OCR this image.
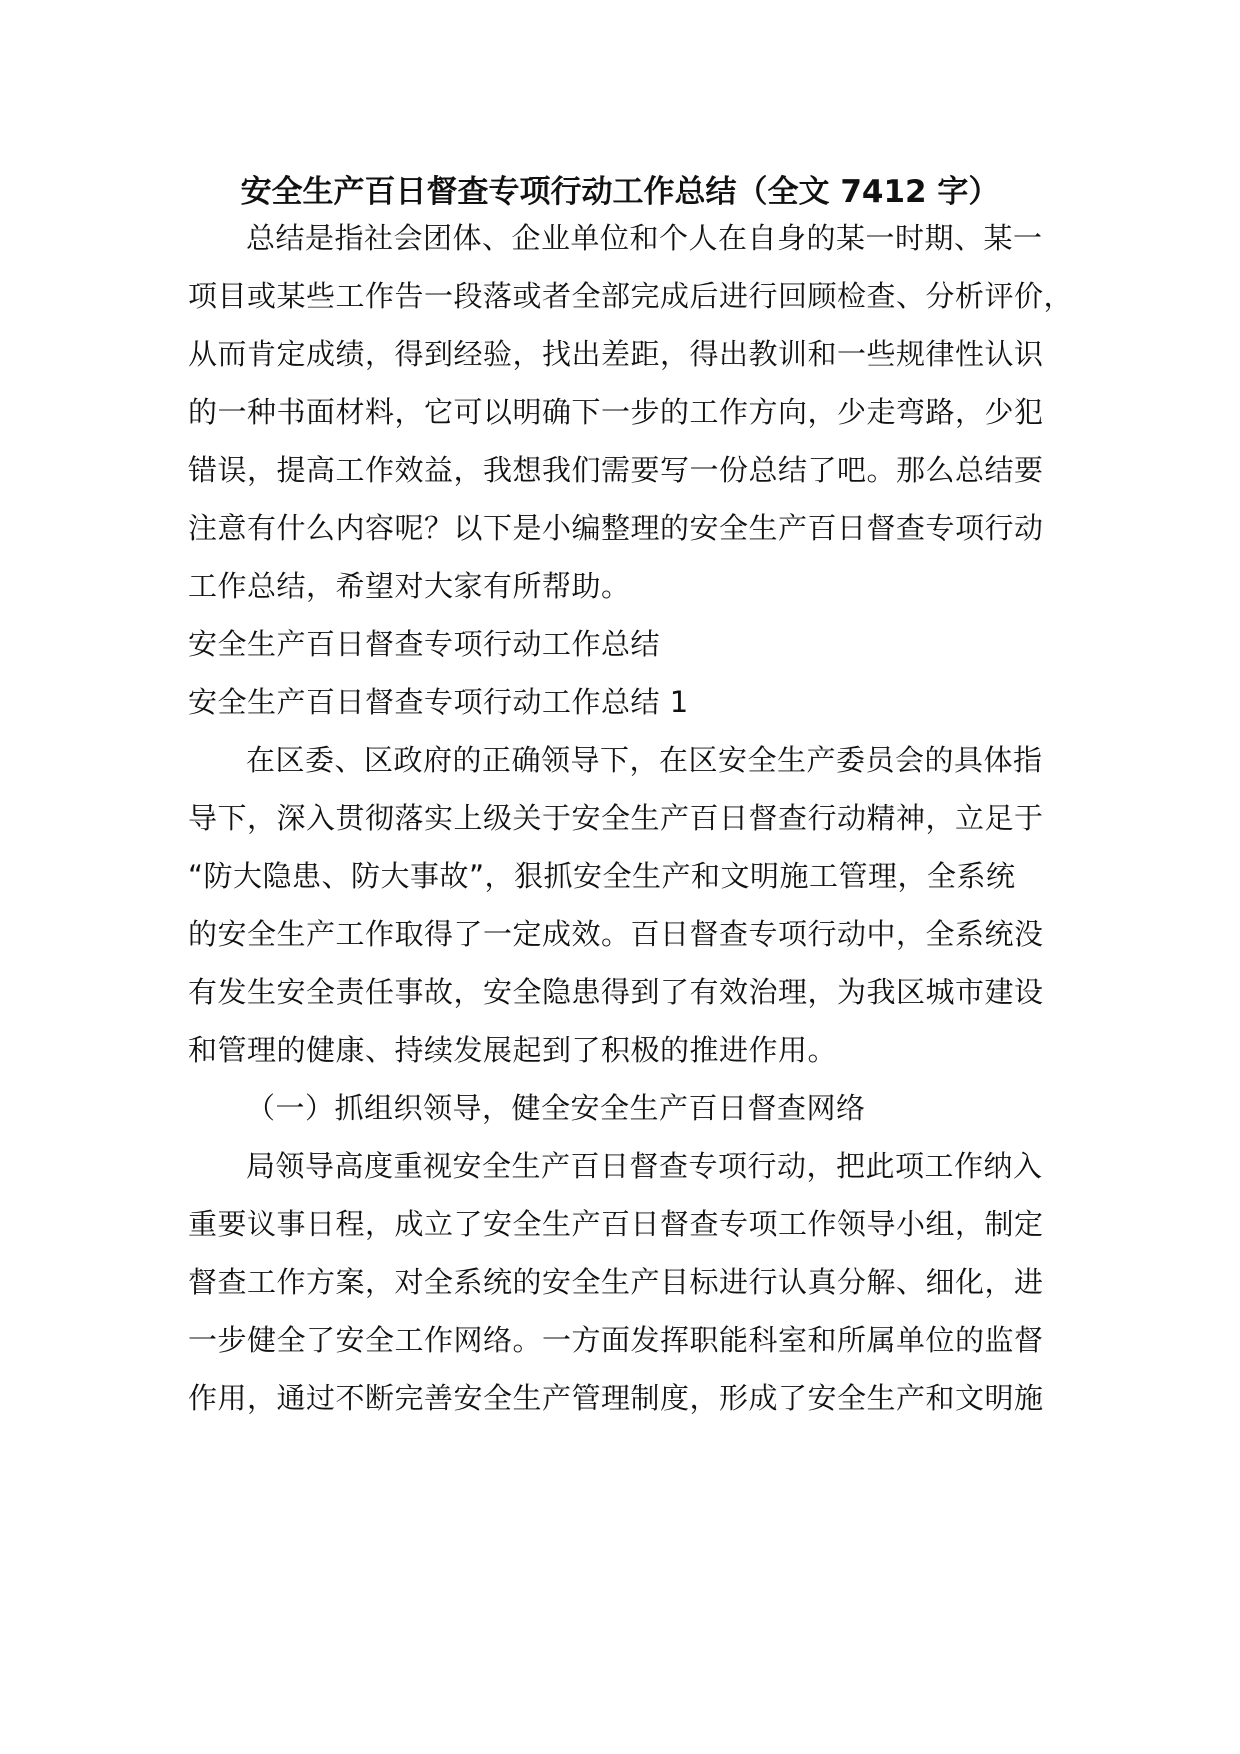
安全生产百日督查专项行动工作总结（全文 7412 字）
总结是指社会团体、企业单位和个人在自身的某一时期、某一
项目或某些工作告一段落或者全部完成后进行回顾检查、分析评价，
从而肯定成绩，得到经验，找出差距，得出教训和一些规律性认识
的一种书面材料，它可以明确下一步的工作方向，少走弯路，少犯
错误，提高工作效益，我想我们需要写一份总结了吧。那么总结要
注意有什么内容呢？以下是小编整理的安全生产百日督查专项行动
工作总结，希望对大家有所帮助。
安全生产百日督查专项行动工作总结
安全生产百日督查专项行动工作总结 1
在区委、区政府的正确领导下，在区安全生产委员会的具体指
导下，深入贯彻落实上级关于安全生产百日督查行动精神，立足于
“防大隐患、防大事故”，狠抓安全生产和文明施工管理，全系统
的安全生产工作取得了一定成效。百日督查专项行动中，全系统没
有发生安全责任事故，安全隐患得到了有效治理，为我区城市建设
和管理的健康、持续发展起到了积极的推进作用。
（一）抓组织领导，健全安全生产百日督查网络
局领导高度重视安全生产百日督查专项行动，把此项工作纳入
重要议事日程，成立了安全生产百日督查专项工作领导小组，制定
督查工作方案，对全系统的安全生产目标进行认真分解、细化，进
一步健全了安全工作网络。一方面发挥职能科室和所属单位的监督
作用，通过不断完善安全生产管理制度，形成了安全生产和文明施
